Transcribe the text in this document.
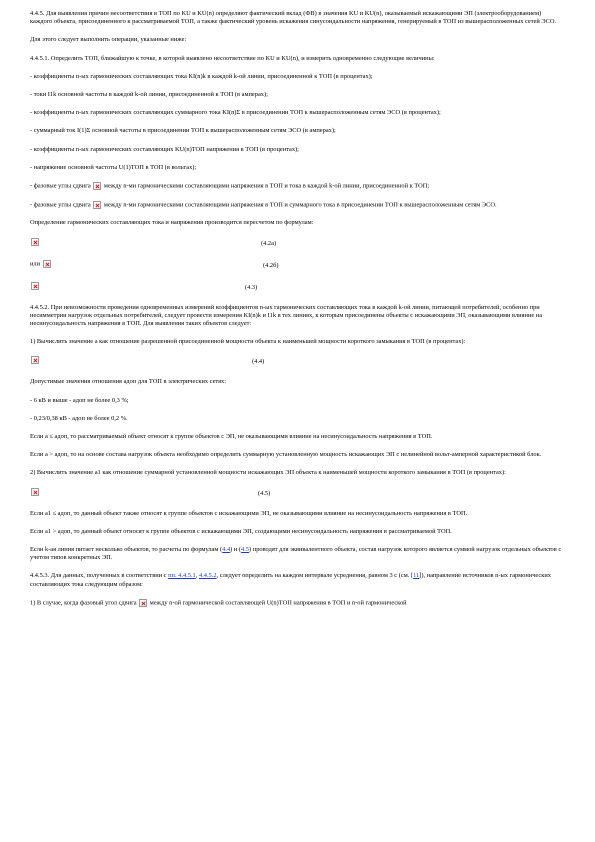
4.4.5. Для выявления причин несоответствия в ТОП по KU и KU(n) определяют фактический вклад (ФВ) в значения KU и KU(n), оказываемый искажающими ЭП (электрооборудованием) каждого объекта, присоединенного к рассматриваемой ТОП, а также фактический уровень искажения синусоидальности напряжения, генерируемый в ТОП из вышерасположенных сетей ЭСО.

Для этого следует выполнить операции, указанные ниже:

4.4.5.1. Определить ТОП, ближайшую к точке, в которой выявлено несоответствие по KU и KU(n), и измерить одновременно следующие величины:

- коэффициенты n-ых гармонических составляющих тока KI(n)k в каждой k-ой линии, присоединенной к ТОП (в процентах);

- токи I1k основной частоты в каждой k-ой линии, присоединенной к ТОП (в амперах);

- коэффициенты n-ых гармонических составляющих суммарного тока KI(n)Σ в присоединении ТОП к вышерасположенным сетям ЭСО (в процентах);

- суммарный ток I(1)Σ основной частоты в присоединении ТОП к вышерасположенным сетям ЭСО (в амперах);

- коэффициенты n-ых гармонических составляющих KU(n)ТОП напряжения в ТОП (в процентах);

- напряжение основной частоты U(1)ТОП в ТОП (в вольтах);

- фазовые углы сдвига между n-ми гармоническими составляющими напряжения в ТОП и тока в каждой k-ой линии, присоединенной к ТОП;

- фазовые углы сдвига между n-ми гармоническими составляющими напряжения в ТОП и суммарного тока в присоединении ТОП к вышерасположенным сетям ЭСО.

Определение гармонических составляющих тока и напряжения производится пересчетом по формулам:

(4.2а)
или	(4.2б)
(4.3)

4.4.5.2. При невозможности проведения одновременных измерений коэффициентов n-ых гармонических составляющих тока в каждой k-ой линии, питающей потребителей, особенно при несимметрии нагрузок отдельных потребителей, следует провести измерения KI(n)k и I1k в тех линиях, к которым присоединены объекты с искажающими ЭП, оказывающими влияние на несинусоидальность напряжения в ТОП. Для выявления таких объектов следует:

1) Вычислить значение a как отношение разрешенной присоединенной мощности объекта к наименьшей мощности короткого замыкания в ТОП (в процентах):

(4.4)

Допустимые значения отношения aдоп для ТОП в электрических сетях:

- 6 кВ и выше - aдоп не более 0,3 %;

- 0,23/0,38 кВ - aдоп не более 0,2 %.

Если a ≤ aдоп, то рассматриваемый объект относят к группе объектов с ЭП, не оказывающими влияние на несинусоидальность напряжения в ТОП.

Если a > aдоп, то на основе состава нагрузок объекта необходимо определить суммарную установленную мощность искажающих ЭП с нелинейной вольт-амперной характеристикой блок.

2) Вычислить значение a1 как отношение суммарной установленной мощности искажающих ЭП объекта к наименьшей мощности короткого замыкания в ТОП (в процентах):

(4.5)

Если a1 ≤ aдоп, то данный объект также относят к группе объектов с искажающими ЭП, не оказывающими влияние на несинусоидальность напряжения в ТОП.

Если a1 > aдоп, то данный объект относят к группе объектов с искажающими ЭП, создающими несинусоидальность напряжения в рассматриваемой ТОП.

Если k-ая линия питает несколько объектов, то расчеты по формулам (4.4) и (4.5) проводят для эквивалентного объекта, состав нагрузок которого является суммой нагрузок отдельных объектов с учетом типов конкретных ЭП.

4.4.5.3. Для данных, полученных в соответствии с пп. 4.4.5.1, 4.4.5.2, следует определить на каждом интервале усреднения, равном 3 с (см. [11]), направление источников n-ых гармонических составляющих тока следующим образом:

1) В случае, когда фазовый угол сдвига между n-ой гармонической составляющей U(n)ТОП напряжения в ТОП и n-ой гармонической
